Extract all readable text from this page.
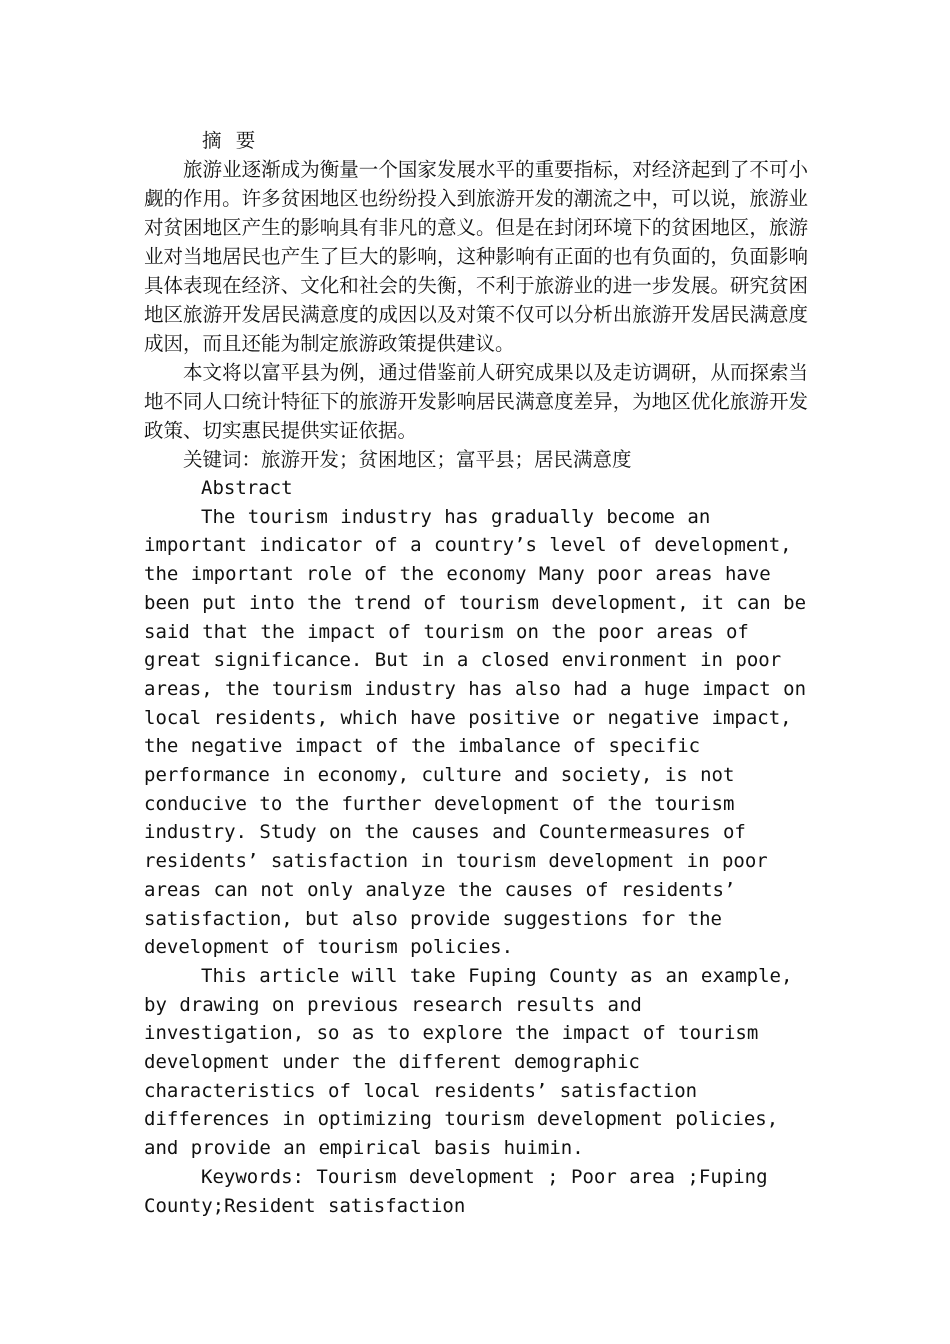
摘 要

旅游业逐渐成为衡量一个国家发展水平的重要指标，对经济起到了不可小觑的作用。许多贫困地区也纷纷投入到旅游开发的潮流之中，可以说，旅游业对贫困地区产生的影响具有非凡的意义。但是在封闭环境下的贫困地区，旅游业对当地居民也产生了巨大的影响，这种影响有正面的也有负面的，负面影响具体表现在经济、文化和社会的失衡，不利于旅游业的进一步发展。研究贫困地区旅游开发居民满意度的成因以及对策不仅可以分析出旅游开发居民满意度成因，而且还能为制定旅游政策提供建议。

本文将以富平县为例，通过借鉴前人研究成果以及走访调研，从而探索当地不同人口统计特征下的旅游开发影响居民满意度差异，为地区优化旅游开发政策、切实惠民提供实证依据。

关键词：旅游开发；贫困地区；富平县；居民满意度

Abstract

The tourism industry has gradually become an important indicator of a country’s level of development, the important role of the economy Many poor areas have been put into the trend of tourism development, it can be said that the impact of tourism on the poor areas of great significance. But in a closed environment in poor areas, the tourism industry has also had a huge impact on local residents, which have positive or negative impact, the negative impact of the imbalance of specific performance in economy, culture and society, is not conducive to the further development of the tourism industry. Study on the causes and Countermeasures of residents’ satisfaction in tourism development in poor areas can not only analyze the causes of residents’ satisfaction, but also provide suggestions for the development of tourism policies.

This article will take Fuping County as an example, by drawing on previous research results and investigation, so as to explore the impact of tourism development under the different demographic characteristics of local residents’ satisfaction differences in optimizing tourism development policies, and provide an empirical basis huimin.

Keywords: Tourism development ; Poor area ;Fuping County;Resident satisfaction
